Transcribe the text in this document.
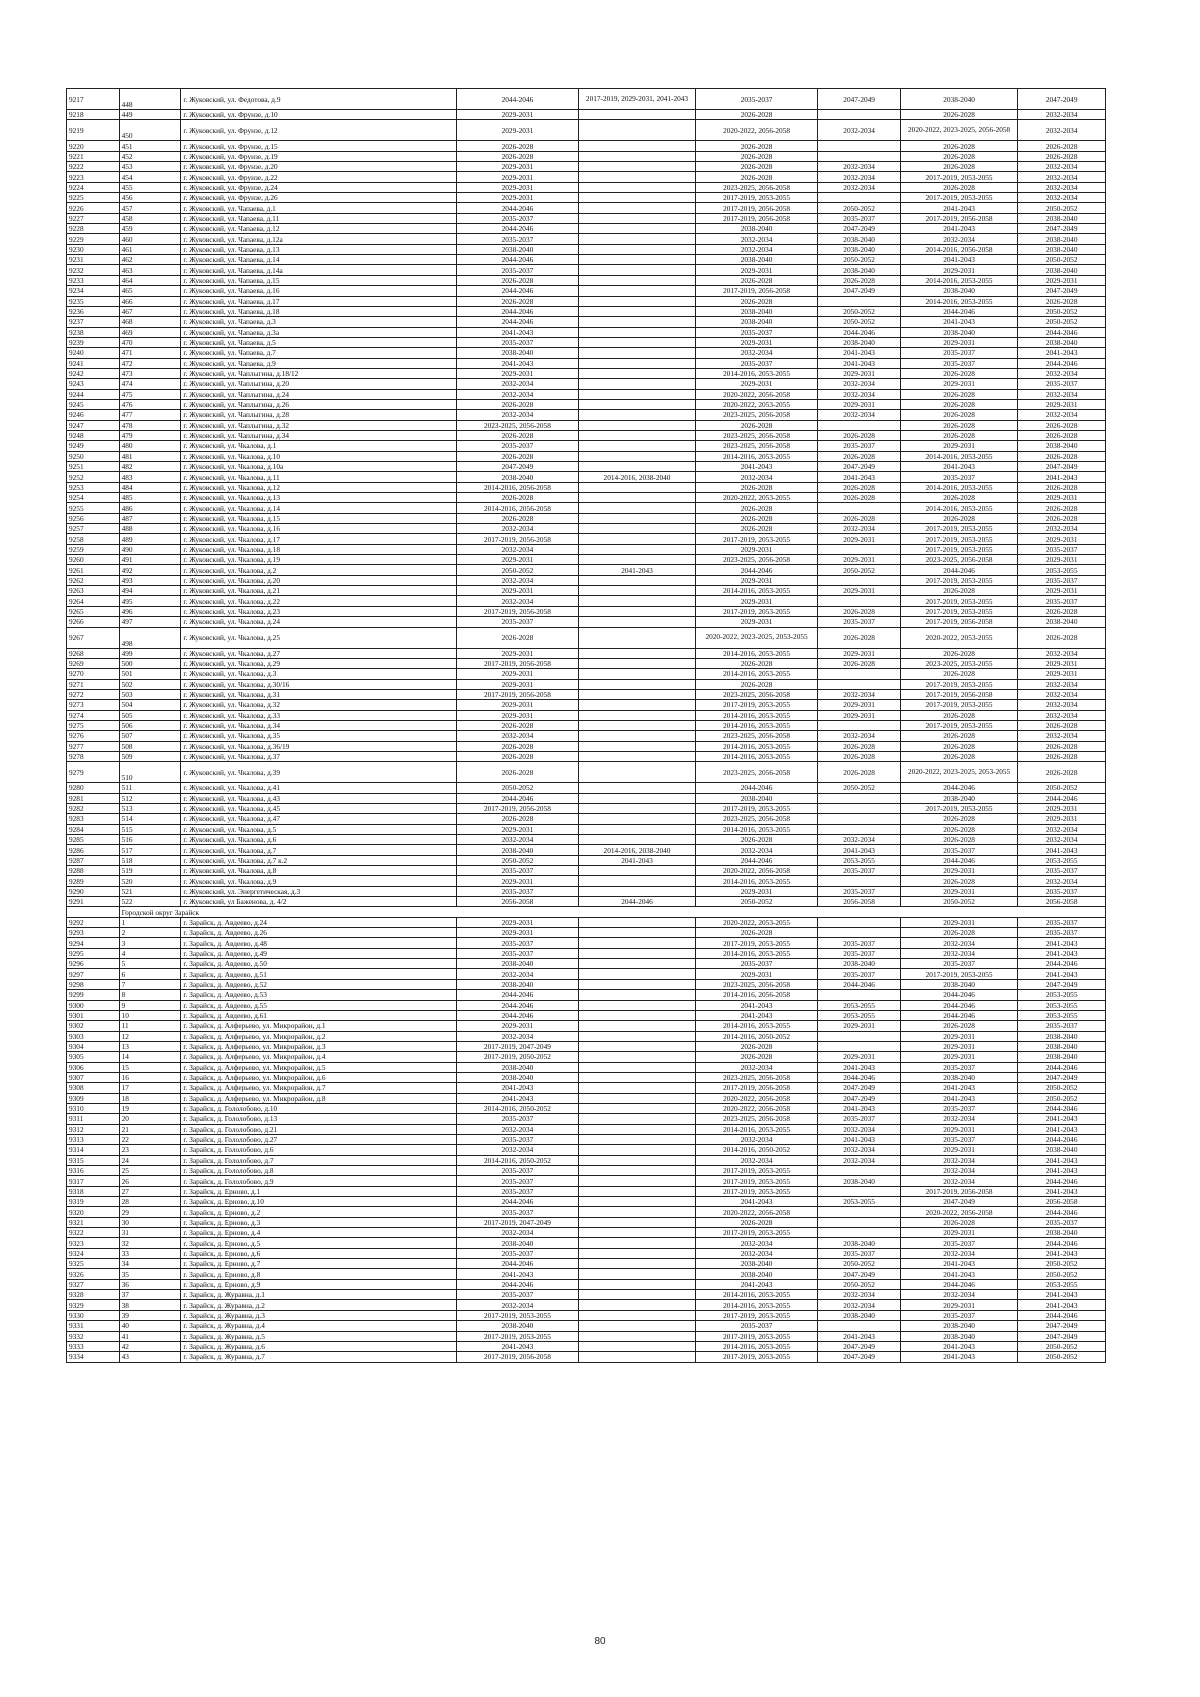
9217	448	г. Жуковский, ул. Федотова, д.9	2044-2046	2017-2019, 2029-2031, 2041-2043	2035-2037	2047-2049	2038-2040	2047-2049
9218	449	г. Жуковский, ул. Фрунзе, д.10	2029-2031		2026-2028		2026-2028	2032-2034
9219	450	г. Жуковский, ул. Фрунзе, д.12	2029-2031		2020-2022, 2056-2058	2032-2034	2020-2022, 2023-2025, 2056-2058	2032-2034
9220	451	г. Жуковский, ул. Фрунзе, д.15	2026-2028		2026-2028		2026-2028	2026-2028
9221	452	г. Жуковский, ул. Фрунзе, д.19	2026-2028		2026-2028		2026-2028	2026-2028
9222	453	г. Жуковский, ул. Фрунзе, д.20	2029-2031		2026-2028	2032-2034	2026-2028	2032-2034
9223	454	г. Жуковский, ул. Фрунзе, д.22	2029-2031		2026-2028	2032-2034	2017-2019, 2053-2055	2032-2034
9224	455	г. Жуковский, ул. Фрунзе, д.24	2029-2031		2023-2025, 2056-2058	2032-2034	2026-2028	2032-2034
9225	456	г. Жуковский, ул. Фрунзе, д.26	2029-2031		2017-2019, 2053-2055		2017-2019, 2053-2055	2032-2034
9226	457	г. Жуковский, ул. Чапаева, д.1	2044-2046		2017-2019, 2056-2058	2050-2052	2041-2043	2050-2052
9227	458	г. Жуковский, ул. Чапаева, д.11	2035-2037		2017-2019, 2056-2058	2035-2037	2017-2019, 2056-2058	2038-2040
9228	459	г. Жуковский, ул. Чапаева, д.12	2044-2046		2038-2040	2047-2049	2041-2043	2047-2049
9229	460	г. Жуковский, ул. Чапаева, д.12а	2035-2037		2032-2034	2038-2040	2032-2034	2038-2040
9230	461	г. Жуковский, ул. Чапаева, д.13	2038-2040		2032-2034	2038-2040	2014-2016, 2056-2058	2038-2040
9231	462	г. Жуковский, ул. Чапаева, д.14	2044-2046		2038-2040	2050-2052	2041-2043	2050-2052
9232	463	г. Жуковский, ул. Чапаева, д.14а	2035-2037		2029-2031	2038-2040	2029-2031	2038-2040
9233	464	г. Жуковский, ул. Чапаева, д.15	2026-2028		2026-2028	2026-2028	2014-2016, 2053-2055	2029-2031
9234	465	г. Жуковский, ул. Чапаева, д.16	2044-2046		2017-2019, 2056-2058	2047-2049	2038-2040	2047-2049
9235	466	г. Жуковский, ул. Чапаева, д.17	2026-2028		2026-2028		2014-2016, 2053-2055	2026-2028
9236	467	г. Жуковский, ул. Чапаева, д.18	2044-2046		2038-2040	2050-2052	2044-2046	2050-2052
9237	468	г. Жуковский, ул. Чапаева, д.3	2044-2046		2038-2040	2050-2052	2041-2043	2050-2052
9238	469	г. Жуковский, ул. Чапаева, д.3а	2041-2043		2035-2037	2044-2046	2038-2040	2044-2046
9239	470	г. Жуковский, ул. Чапаева, д.5	2035-2037		2029-2031	2038-2040	2029-2031	2038-2040
9240	471	г. Жуковский, ул. Чапаева, д.7	2038-2040		2032-2034	2041-2043	2035-2037	2041-2043
9241	472	г. Жуковский, ул. Чапаева, д.9	2041-2043		2035-2037	2041-2043	2035-2037	2044-2046
9242	473	г. Жуковский, ул. Чаплыгина, д.18/12	2029-2031		2014-2016, 2053-2055	2029-2031	2026-2028	2032-2034
9243	474	г. Жуковский, ул. Чаплыгина, д.20	2032-2034		2029-2031	2032-2034	2029-2031	2035-2037
9244	475	г. Жуковский, ул. Чаплыгина, д.24	2032-2034		2020-2022, 2056-2058	2032-2034	2026-2028	2032-2034
9245	476	г. Жуковский, ул. Чаплыгина, д.26	2026-2028		2020-2022, 2053-2055	2029-2031	2026-2028	2029-2031
9246	477	г. Жуковский, ул. Чаплыгина, д.28	2032-2034		2023-2025, 2056-2058	2032-2034	2026-2028	2032-2034
9247	478	г. Жуковский, ул. Чаплыгина, д.32	2023-2025, 2056-2058		2026-2028		2026-2028	2026-2028
9248	479	г. Жуковский, ул. Чаплыгина, д.34	2026-2028		2023-2025, 2056-2058	2026-2028	2026-2028	2026-2028
9249	480	г. Жуковский, ул. Чкалова, д.1	2035-2037		2023-2025, 2056-2058	2035-2037	2029-2031	2038-2040
9250	481	г. Жуковский, ул. Чкалова, д.10	2026-2028		2014-2016, 2053-2055	2026-2028	2014-2016, 2053-2055	2026-2028
9251	482	г. Жуковский, ул. Чкалова, д.10а	2047-2049		2041-2043	2047-2049	2041-2043	2047-2049
9252	483	г. Жуковский, ул. Чкалова, д.11	2038-2040	2014-2016, 2038-2040	2032-2034	2041-2043	2035-2037	2041-2043
9253	484	г. Жуковский, ул. Чкалова, д.12	2014-2016, 2056-2058		2026-2028	2026-2028	2014-2016, 2053-2055	2026-2028
9254	485	г. Жуковский, ул. Чкалова, д.13	2026-2028		2020-2022, 2053-2055	2026-2028	2026-2028	2029-2031
9255	486	г. Жуковский, ул. Чкалова, д.14	2014-2016, 2056-2058		2026-2028		2014-2016, 2053-2055	2026-2028
9256	487	г. Жуковский, ул. Чкалова, д.15	2026-2028		2026-2028	2026-2028	2026-2028	2026-2028
9257	488	г. Жуковский, ул. Чкалова, д.16	2032-2034		2026-2028	2032-2034	2017-2019, 2053-2055	2032-2034
9258	489	г. Жуковский, ул. Чкалова, д.17	2017-2019, 2056-2058		2017-2019, 2053-2055	2029-2031	2017-2019, 2053-2055	2029-2031
9259	490	г. Жуковский, ул. Чкалова, д.18	2032-2034		2029-2031		2017-2019, 2053-2055	2035-2037
9260	491	г. Жуковский, ул. Чкалова, д.19	2029-2031		2023-2025, 2056-2058	2029-2031	2023-2025, 2056-2058	2029-2031
9261	492	г. Жуковский, ул. Чкалова, д.2	2050-2052	2041-2043	2044-2046	2050-2052	2044-2046	2053-2055
9262	493	г. Жуковский, ул. Чкалова, д.20	2032-2034		2029-2031		2017-2019, 2053-2055	2035-2037
9263	494	г. Жуковский, ул. Чкалова, д.21	2029-2031		2014-2016, 2053-2055	2029-2031	2026-2028	2029-2031
9264	495	г. Жуковский, ул. Чкалова, д.22	2032-2034		2029-2031		2017-2019, 2053-2055	2035-2037
9265	496	г. Жуковский, ул. Чкалова, д.23	2017-2019, 2056-2058		2017-2019, 2053-2055	2026-2028	2017-2019, 2053-2055	2026-2028
9266	497	г. Жуковский, ул. Чкалова, д.24	2035-2037		2029-2031	2035-2037	2017-2019, 2056-2058	2038-2040
9267	498	г. Жуковский, ул. Чкалова, д.25	2026-2028		2020-2022, 2023-2025, 2053-2055	2026-2028	2020-2022, 2053-2055	2026-2028
9268	499	г. Жуковский, ул. Чкалова, д.27	2029-2031		2014-2016, 2053-2055	2029-2031	2026-2028	2032-2034
9269	500	г. Жуковский, ул. Чкалова, д.29	2017-2019, 2056-2058		2026-2028	2026-2028	2023-2025, 2053-2055	2029-2031
9270	501	г. Жуковский, ул. Чкалова, д.3	2029-2031		2014-2016, 2053-2055		2026-2028	2029-2031
9271	502	г. Жуковский, ул. Чкалова, д.30/16	2029-2031		2026-2028		2017-2019, 2053-2055	2032-2034
9272	503	г. Жуковский, ул. Чкалова, д.31	2017-2019, 2056-2058		2023-2025, 2056-2058	2032-2034	2017-2019, 2056-2058	2032-2034
9273	504	г. Жуковский, ул. Чкалова, д.32	2029-2031		2017-2019, 2053-2055	2029-2031	2017-2019, 2053-2055	2032-2034
9274	505	г. Жуковский, ул. Чкалова, д.33	2029-2031		2014-2016, 2053-2055	2029-2031	2026-2028	2032-2034
9275	506	г. Жуковский, ул. Чкалова, д.34	2026-2028		2014-2016, 2053-2055		2017-2019, 2053-2055	2026-2028
9276	507	г. Жуковский, ул. Чкалова, д.35	2032-2034		2023-2025, 2056-2058	2032-2034	2026-2028	2032-2034
9277	508	г. Жуковский, ул. Чкалова, д.36/19	2026-2028		2014-2016, 2053-2055	2026-2028	2026-2028	2026-2028
9278	509	г. Жуковский, ул. Чкалова, д.37	2026-2028		2014-2016, 2053-2055	2026-2028	2026-2028	2026-2028
9279	510	г. Жуковский, ул. Чкалова, д.39	2026-2028		2023-2025, 2056-2058	2026-2028	2020-2022, 2023-2025, 2053-2055	2026-2028
9280	511	г. Жуковский, ул. Чкалова, д.41	2050-2052		2044-2046	2050-2052	2044-2046	2050-2052
9281	512	г. Жуковский, ул. Чкалова, д.43	2044-2046		2038-2040		2038-2040	2044-2046
9282	513	г. Жуковский, ул. Чкалова, д.45	2017-2019, 2056-2058		2017-2019, 2053-2055		2017-2019, 2053-2055	2029-2031
9283	514	г. Жуковский, ул. Чкалова, д.47	2026-2028		2023-2025, 2056-2058		2026-2028	2029-2031
9284	515	г. Жуковский, ул. Чкалова, д.5	2029-2031		2014-2016, 2053-2055		2026-2028	2032-2034
9285	516	г. Жуковский, ул. Чкалова, д.6	2032-2034		2026-2028	2032-2034	2026-2028	2032-2034
9286	517	г. Жуковский, ул. Чкалова, д.7	2038-2040	2014-2016, 2038-2040	2032-2034	2041-2043	2035-2037	2041-2043
9287	518	г. Жуковский, ул. Чкалова, д.7 к.2	2050-2052	2041-2043	2044-2046	2053-2055	2044-2046	2053-2055
9288	519	г. Жуковский, ул. Чкалова, д.8	2035-2037		2020-2022, 2056-2058	2035-2037	2029-2031	2035-2037
9289	520	г. Жуковский, ул. Чкалова, д.9	2029-2031		2014-2016, 2053-2055		2026-2028	2032-2034
9290	521	г. Жуковский, ул. Энергетическая, д.3	2035-2037		2029-2031	2035-2037	2029-2031	2035-2037
9291	522	г. Жуковский, ул Баженова, д. 4/2	2056-2058	2044-2046	2050-2052	2056-2058	2050-2052	2056-2058
	Городской округ Зарайск							
9292	1	г. Зарайск, д. Авдеево, д.24	2029-2031		2020-2022, 2053-2055		2029-2031	2035-2037
9293	2	г. Зарайск, д. Авдеево, д.26	2029-2031		2026-2028		2026-2028	2035-2037
9294	3	г. Зарайск, д. Авдеево, д.48	2035-2037		2017-2019, 2053-2055	2035-2037	2032-2034	2041-2043
9295	4	г. Зарайск, д. Авдеево, д.49	2035-2037		2014-2016, 2053-2055	2035-2037	2032-2034	2041-2043
9296	5	г. Зарайск, д. Авдеево, д.50	2038-2040		2035-2037	2038-2040	2035-2037	2044-2046
9297	6	г. Зарайск, д. Авдеево, д.51	2032-2034		2029-2031	2035-2037	2017-2019, 2053-2055	2041-2043
9298	7	г. Зарайск, д. Авдеево, д.52	2038-2040		2023-2025, 2056-2058	2044-2046	2038-2040	2047-2049
9299	8	г. Зарайск, д. Авдеево, д.53	2044-2046		2014-2016, 2056-2058		2044-2046	2053-2055
9300	9	г. Зарайск, д. Авдеево, д.55	2044-2046		2041-2043	2053-2055	2044-2046	2053-2055
9301	10	г. Зарайск, д. Авдеево, д.61	2044-2046		2041-2043	2053-2055	2044-2046	2053-2055
9302	11	г. Зарайск, д. Алферьево, ул. Микрорайон, д.1	2029-2031		2014-2016, 2053-2055	2029-2031	2026-2028	2035-2037
9303	12	г. Зарайск, д. Алферьево, ул. Микрорайон, д.2	2032-2034		2014-2016, 2050-2052		2029-2031	2038-2040
9304	13	г. Зарайск, д. Алферьево, ул. Микрорайон, д.3	2017-2019, 2047-2049		2026-2028		2029-2031	2038-2040
9305	14	г. Зарайск, д. Алферьево, ул. Микрорайон, д.4	2017-2019, 2050-2052		2026-2028	2029-2031	2029-2031	2038-2040
9306	15	г. Зарайск, д. Алферьево, ул. Микрорайон, д.5	2038-2040		2032-2034	2041-2043	2035-2037	2044-2046
9307	16	г. Зарайск, д. Алферьево, ул. Микрорайон, д.6	2038-2040		2023-2025, 2056-2058	2044-2046	2038-2040	2047-2049
9308	17	г. Зарайск, д. Алферьево, ул. Микрорайон, д.7	2041-2043		2017-2019, 2056-2058	2047-2049	2041-2043	2050-2052
9309	18	г. Зарайск, д. Алферьево, ул. Микрорайон, д.8	2041-2043		2020-2022, 2056-2058	2047-2049	2041-2043	2050-2052
9310	19	г. Зарайск, д. Гололобово, д.10	2014-2016, 2050-2052		2020-2022, 2056-2058	2041-2043	2035-2037	2044-2046
9311	20	г. Зарайск, д. Гололобово, д.13	2035-2037		2023-2025, 2056-2058	2035-2037	2032-2034	2041-2043
9312	21	г. Зарайск, д. Гололобово, д.21	2032-2034		2014-2016, 2053-2055	2032-2034	2029-2031	2041-2043
9313	22	г. Зарайск, д. Гололобово, д.27	2035-2037		2032-2034	2041-2043	2035-2037	2044-2046
9314	23	г. Зарайск, д. Гололобово, д.6	2032-2034		2014-2016, 2050-2052	2032-2034	2029-2031	2038-2040
9315	24	г. Зарайск, д. Гололобово, д.7	2014-2016, 2050-2052		2032-2034	2032-2034	2032-2034	2041-2043
9316	25	г. Зарайск, д. Гололобово, д.8	2035-2037		2017-2019, 2053-2055		2032-2034	2041-2043
9317	26	г. Зарайск, д. Гололобово, д.9	2035-2037		2017-2019, 2053-2055	2038-2040	2032-2034	2044-2046
9318	27	г. Зарайск, д. Ерново, д.1	2035-2037		2017-2019, 2053-2055		2017-2019, 2056-2058	2041-2043
9319	28	г. Зарайск, д. Ерново, д.10	2044-2046		2041-2043	2053-2055	2047-2049	2056-2058
9320	29	г. Зарайск, д. Ерново, д.2	2035-2037		2020-2022, 2056-2058		2020-2022, 2056-2058	2044-2046
9321	30	г. Зарайск, д. Ерново, д.3	2017-2019, 2047-2049		2026-2028		2026-2028	2035-2037
9322	31	г. Зарайск, д. Ерново, д.4	2032-2034		2017-2019, 2053-2055		2029-2031	2038-2040
9323	32	г. Зарайск, д. Ерново, д.5	2038-2040		2032-2034	2038-2040	2035-2037	2044-2046
9324	33	г. Зарайск, д. Ерново, д.6	2035-2037		2032-2034	2035-2037	2032-2034	2041-2043
9325	34	г. Зарайск, д. Ерново, д.7	2044-2046		2038-2040	2050-2052	2041-2043	2050-2052
9326	35	г. Зарайск, д. Ерново, д.8	2041-2043		2038-2040	2047-2049	2041-2043	2050-2052
9327	36	г. Зарайск, д. Ерново, д.9	2044-2046		2041-2043	2050-2052	2044-2046	2053-2055
9328	37	г. Зарайск, д. Журавна, д.1	2035-2037		2014-2016, 2053-2055	2032-2034	2032-2034	2041-2043
9329	38	г. Зарайск, д. Журавна, д.2	2032-2034		2014-2016, 2053-2055	2032-2034	2029-2031	2041-2043
9330	39	г. Зарайск, д. Журавна, д.3	2017-2019, 2053-2055		2017-2019, 2053-2055	2038-2040	2035-2037	2044-2046
9331	40	г. Зарайск, д. Журавна, д.4	2038-2040		2035-2037		2038-2040	2047-2049
9332	41	г. Зарайск, д. Журавна, д.5	2017-2019, 2053-2055		2017-2019, 2053-2055	2041-2043	2038-2040	2047-2049
9333	42	г. Зарайск, д. Журавна, д.6	2041-2043		2014-2016, 2053-2055	2047-2049	2041-2043	2050-2052
9334	43	г. Зарайск, д. Журавна, д.7	2017-2019, 2056-2058		2017-2019, 2053-2055	2047-2049	2041-2043	2050-2052
80
